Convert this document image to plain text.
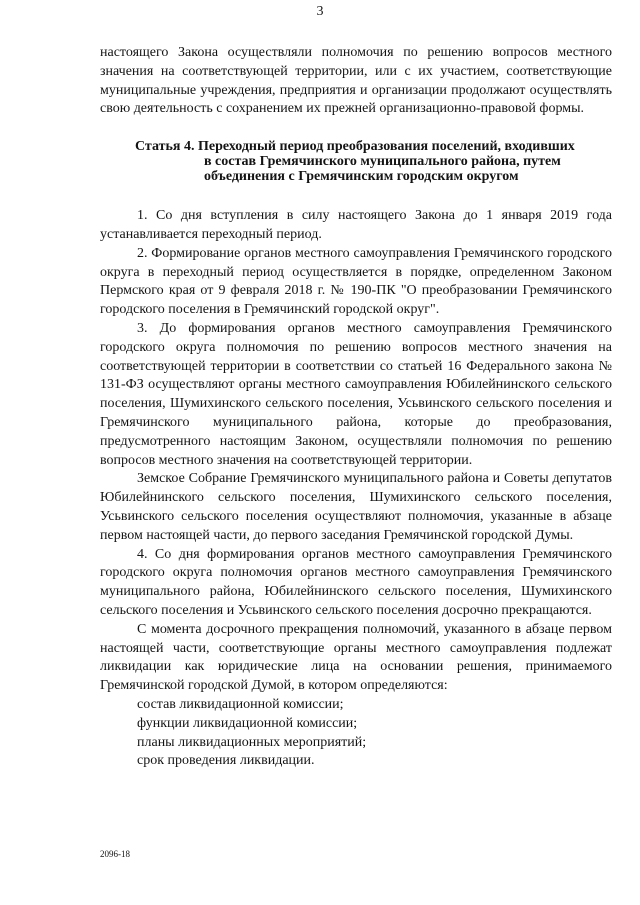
3

настоящего Закона осуществляли полномочия по решению вопросов местного значения на соответствующей территории, или с их участием, соответствующие муниципальные учреждения, предприятия и организации продолжают осуществлять свою деятельность с сохранением их прежней организационно-правовой формы.

Статья 4. Переходный период преобразования поселений, входивших
в состав Гремячинского муниципального района, путем
объединения с Гремячинским городским округом

1. Со дня вступления в силу настоящего Закона до 1 января 2019 года устанавливается переходный период.

2. Формирование органов местного самоуправления Гремячинского городского округа в переходный период осуществляется в порядке, определенном Законом Пермского края от 9 февраля 2018 г. № 190-ПК "О преобразовании Гремячинского городского поселения в Гремячинский городской округ".

3. До формирования органов местного самоуправления Гремячинского городского округа полномочия по решению вопросов местного значения на соответствующей территории в соответствии со статьей 16 Федерального закона № 131-ФЗ осуществляют органы местного самоуправления Юбилейнинского сельского поселения, Шумихинского сельского поселения, Усьвинского сельского поселения и Гремячинского муниципального района, которые до преобразования, предусмотренного настоящим Законом, осуществляли полномочия по решению вопросов местного значения на соответствующей территории.

Земское Собрание Гремячинского муниципального района и Советы депутатов Юбилейнинского сельского поселения, Шумихинского сельского поселения, Усьвинского сельского поселения осуществляют полномочия, указанные в абзаце первом настоящей части, до первого заседания Гремячинской городской Думы.

4. Со дня формирования органов местного самоуправления Гремячинского городского округа полномочия органов местного самоуправления Гремячинского муниципального района, Юбилейнинского сельского поселения, Шумихинского сельского поселения и Усьвинского сельского поселения досрочно прекращаются.

С момента досрочного прекращения полномочий, указанного в абзаце первом настоящей части, соответствующие органы местного самоуправления подлежат ликвидации как юридические лица на основании решения, принимаемого Гремячинской городской Думой, в котором определяются:

состав ликвидационной комиссии;

функции ликвидационной комиссии;

планы ликвидационных мероприятий;

срок проведения ликвидации.

2096-18
